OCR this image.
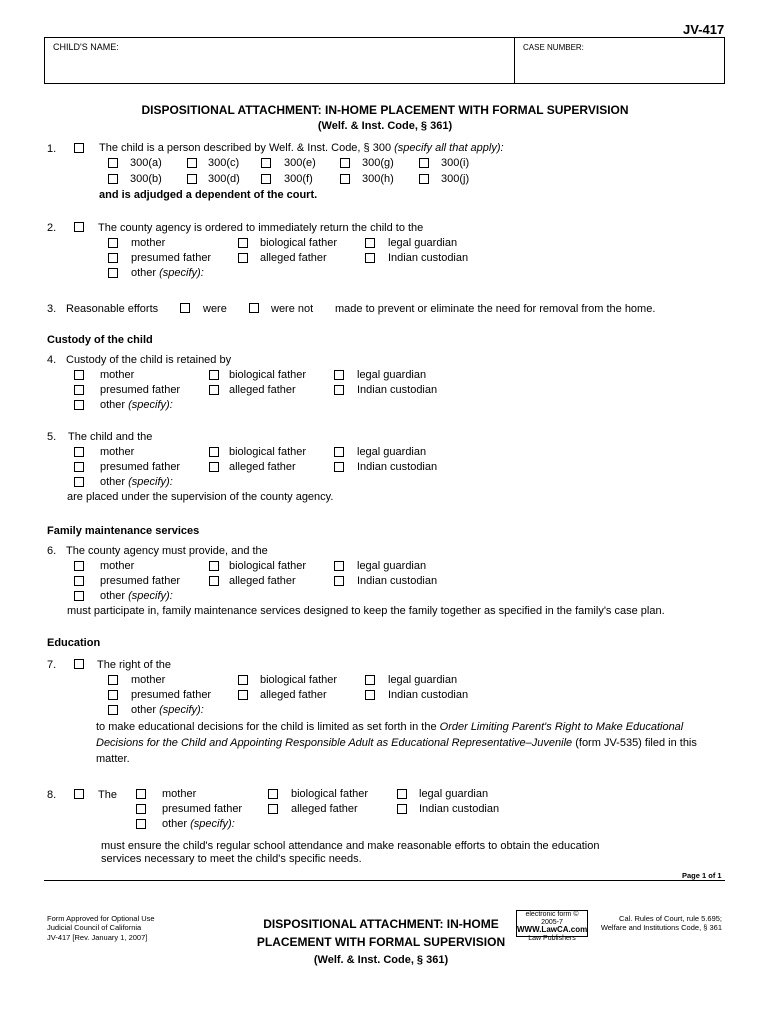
JV-417
CHILD'S NAME:	CASE NUMBER:
DISPOSITIONAL ATTACHMENT: IN-HOME PLACEMENT WITH FORMAL SUPERVISION
(Welf. & Inst. Code, § 361)
1.	The child is a person described by Welf. & Inst. Code, § 300 (specify all that apply):
300(a)	300(c)	300(e)	300(g)	300(i)
300(b)	300(d)	300(f)	300(h)	300(j)
and is adjudged a dependent of the court.
2.	The county agency is ordered to immediately return the child to the
mother	biological father	legal guardian
presumed father	alleged father	Indian custodian
other (specify):
3. Reasonable efforts	were	were not made to prevent or eliminate the need for removal from the home.
Custody of the child
4. Custody of the child is retained by
mother	biological father	legal guardian
presumed father	alleged father	Indian custodian
other (specify):
5. The child and the
mother	biological father	legal guardian
presumed father	alleged father	Indian custodian
other (specify):
are placed under the supervision of the county agency.
Family maintenance services
6. The county agency must provide, and the
mother	biological father	legal guardian
presumed father	alleged father	Indian custodian
other (specify):
must participate in, family maintenance services designed to keep the family together as specified in the family's case plan.
Education
7.	The right of the
mother	biological father	legal guardian
presumed father	alleged father	Indian custodian
other (specify):
to make educational decisions for the child is limited as set forth in the Order Limiting Parent's Right to Make Educational Decisions for the Child and Appointing Responsible Adult as Educational Representative–Juvenile (form JV-535) filed in this matter.
8.	The	mother	biological father	legal guardian
presumed father	alleged father	Indian custodian
other (specify):
must ensure the child's regular school attendance and make reasonable efforts to obtain the education
services necessary to meet the child's specific needs.
Page 1 of 1
Form Approved for Optional Use
Judicial Council of California
JV-417 [Rev. January 1, 2007]
DISPOSITIONAL ATTACHMENT: IN-HOME
PLACEMENT WITH FORMAL SUPERVISION
(Welf. & Inst. Code, § 361)
electronic form © 2005-7
WWW.LawCA.com
Law Publishers
Cal. Rules of Court, rule 5.695;
Welfare and Institutions Code, § 361
